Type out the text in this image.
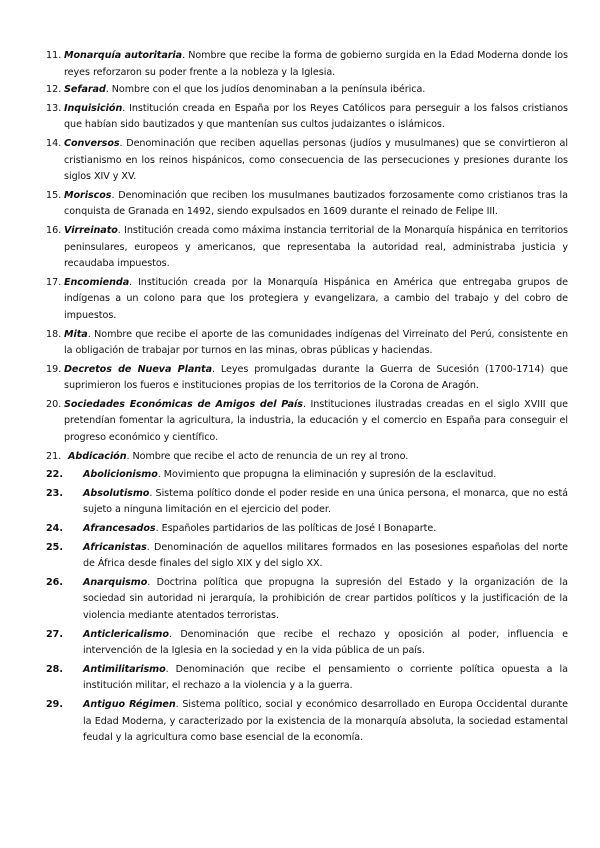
11. Monarquía autoritaria. Nombre que recibe la forma de gobierno surgida en la Edad Moderna donde los reyes reforzaron su poder frente a la nobleza y la Iglesia.
12. Sefarad. Nombre con el que los judíos denominaban a la península ibérica.
13. Inquisición. Institución creada en España por los Reyes Católicos para perseguir a los falsos cristianos que habían sido bautizados y que mantenían sus cultos judaizantes o islámicos.
14. Conversos. Denominación que reciben aquellas personas (judíos y musulmanes) que se convirtieron al cristianismo en los reinos hispánicos, como consecuencia de las persecuciones y presiones durante los siglos XIV y XV.
15. Moriscos. Denominación que reciben los musulmanes bautizados forzosamente como cristianos tras la conquista de Granada en 1492, siendo expulsados en 1609 durante el reinado de Felipe III.
16. Virreinato. Institución creada como máxima instancia territorial de la Monarquía hispánica en territorios peninsulares, europeos y americanos, que representaba la autoridad real, administraba justicia y recaudaba impuestos.
17. Encomienda. Institución creada por la Monarquía Hispánica en América que entregaba grupos de indígenas a un colono para que los protegiera y evangelizara, a cambio del trabajo y del cobro de impuestos.
18. Mita. Nombre que recibe el aporte de las comunidades indígenas del Virreinato del Perú, consistente en la obligación de trabajar por turnos en las minas, obras públicas y haciendas.
19. Decretos de Nueva Planta. Leyes promulgadas durante la Guerra de Sucesión (1700-1714) que suprimieron los fueros e instituciones propias de los territorios de la Corona de Aragón.
20. Sociedades Económicas de Amigos del País. Instituciones ilustradas creadas en el siglo XVIII que pretendían fomentar la agricultura, la industria, la educación y el comercio en España para conseguir el progreso económico y científico.
21. Abdicación. Nombre que recibe el acto de renuncia de un rey al trono.
22.	Abolicionismo. Movimiento que propugna la eliminación y supresión de la esclavitud.
23.	Absolutismo. Sistema político donde el poder reside en una única persona, el monarca, que no está sujeto a ninguna limitación en el ejercicio del poder.
24.	Afrancesados. Españoles partidarios de las políticas de José I Bonaparte.
25.	Africanistas. Denominación de aquellos militares formados en las posesiones españolas del norte de África desde finales del siglo XIX y del siglo XX.
26.	Anarquismo. Doctrina política que propugna la supresión del Estado y la organización de la sociedad sin autoridad ni jerarquía, la prohibición de crear partidos políticos y la justificación de la violencia mediante atentados terroristas.
27.	Anticlericalismo. Denominación que recibe el rechazo y oposición al poder, influencia e intervención de la Iglesia en la sociedad y en la vida pública de un país.
28.	Antimilitarismo. Denominación que recibe el pensamiento o corriente política opuesta a la institución militar, el rechazo a la violencia y a la guerra.
29.	Antiguo Régimen. Sistema político, social y económico desarrollado en Europa Occidental durante la Edad Moderna, y caracterizado por la existencia de la monarquía absoluta, la sociedad estamental feudal y la agricultura como base esencial de la economía.
